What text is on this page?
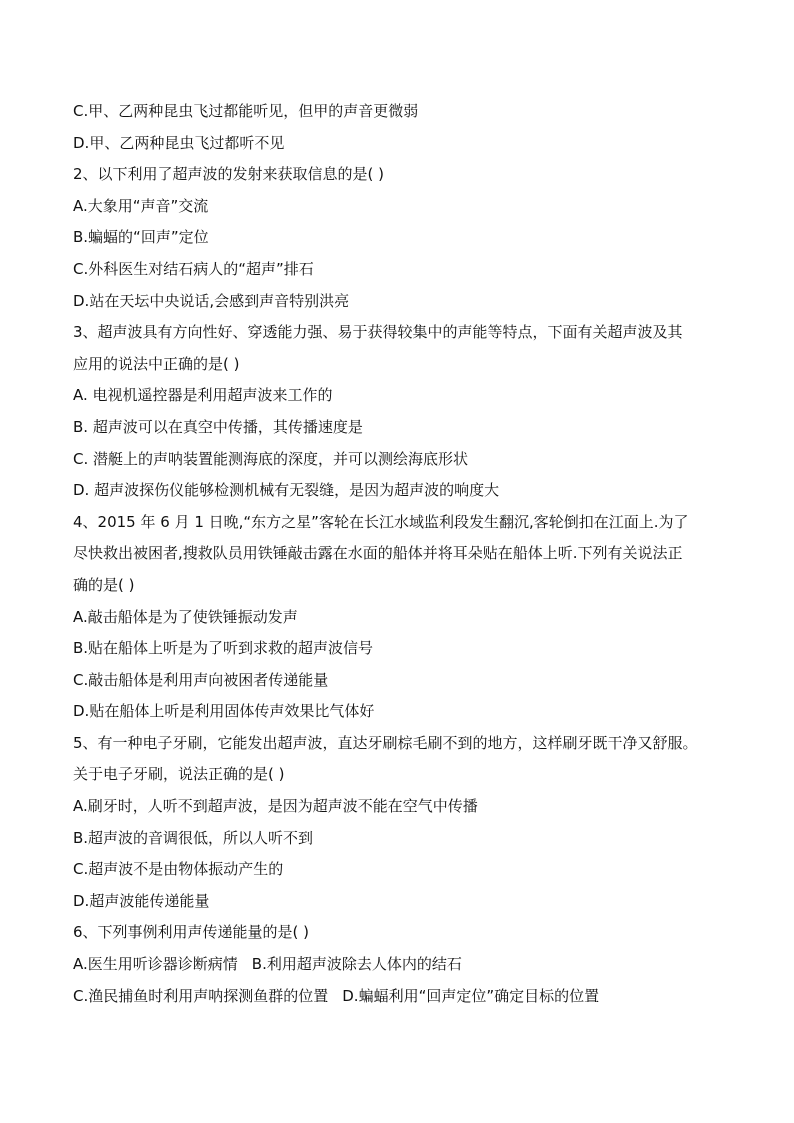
C.甲、乙两种昆虫飞过都能听见，但甲的声音更微弱
D.甲、乙两种昆虫飞过都听不见
2、以下利用了超声波的发射来获取信息的是( )
A.大象用“声音”交流
B.蝙蝠的“回声”定位
C.外科医生对结石病人的“超声”排石
D.站在天坛中央说话,会感到声音特别洪亮
3、超声波具有方向性好、穿透能力强、易于获得较集中的声能等特点，下面有关超声波及其
应用的说法中正确的是( )
A. 电视机遥控器是利用超声波来工作的
B. 超声波可以在真空中传播，其传播速度是
C. 潜艇上的声呐装置能测海底的深度，并可以测绘海底形状
D. 超声波探伤仪能够检测机械有无裂缝，是因为超声波的响度大
4、2015 年 6 月 1 日晚,“东方之星”客轮在长江水域监利段发生翻沉,客轮倒扣在江面上.为了
尽快救出被困者,搜救队员用铁锤敲击露在水面的船体并将耳朵贴在船体上听.下列有关说法正
确的是( )
A.敲击船体是为了使铁锤振动发声
B.贴在船体上听是为了听到求救的超声波信号
C.敲击船体是利用声向被困者传递能量
D.贴在船体上听是利用固体传声效果比气体好
5、有一种电子牙刷，它能发出超声波，直达牙刷棕毛刷不到的地方，这样刷牙既干净又舒服。
关于电子牙刷，说法正确的是( )
A.刷牙时，人听不到超声波，是因为超声波不能在空气中传播
B.超声波的音调很低，所以人听不到
C.超声波不是由物体振动产生的
D.超声波能传递能量
6、下列事例利用声传递能量的是( )
A.医生用听诊器诊断病情 B.利用超声波除去人体内的结石
C.渔民捕鱼时利用声呐探测鱼群的位置 D.蝙蝠利用“回声定位”确定目标的位置
